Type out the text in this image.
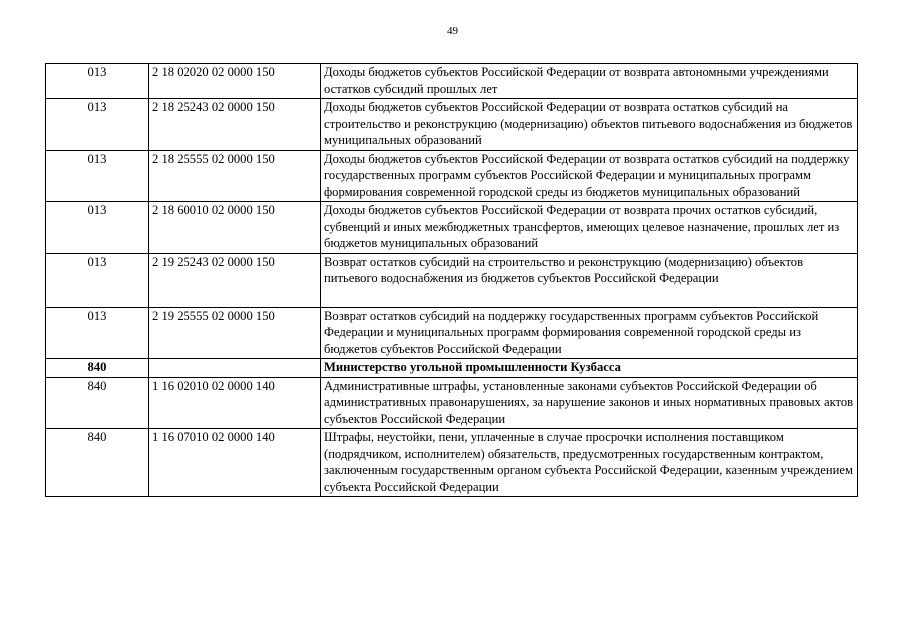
49
013	2 18 02020 02 0000 150	Доходы бюджетов субъектов Российской Федерации от возврата автономными учреждениями остатков субсидий прошлых лет
013	2 18 25243 02 0000 150	Доходы бюджетов субъектов Российской Федерации от возврата остатков субсидий на строительство и реконструкцию (модернизацию) объектов питьевого водоснабжения из бюджетов муниципальных образований
013	2 18 25555 02 0000 150	Доходы бюджетов субъектов Российской Федерации от возврата остатков субсидий на поддержку государственных программ субъектов Российской Федерации и муниципальных программ формирования современной городской среды из бюджетов муниципальных образований
013	2 18 60010 02 0000 150	Доходы бюджетов субъектов Российской Федерации от возврата прочих остатков субсидий, субвенций и иных межбюджетных трансфертов, имеющих целевое назначение, прошлых лет из бюджетов муниципальных образований
013	2 19 25243 02 0000 150	Возврат остатков субсидий на строительство и реконструкцию (модернизацию) объектов питьевого водоснабжения из бюджетов субъектов Российской Федерации
013	2 19 25555 02 0000 150	Возврат остатков субсидий на поддержку государственных программ субъектов Российской Федерации и муниципальных программ формирования современной городской среды из бюджетов субъектов Российской Федерации
840		Министерство угольной промышленности Кузбасса
840	1 16 02010 02 0000 140	Административные штрафы, установленные законами субъектов Российской Федерации об административных правонарушениях, за нарушение законов и иных нормативных правовых актов субъектов Российской Федерации
840	1 16 07010 02 0000 140	Штрафы, неустойки, пени, уплаченные в случае просрочки исполнения поставщиком (подрядчиком, исполнителем) обязательств, предусмотренных государственным контрактом, заключенным государственным органом субъекта Российской Федерации, казенным учреждением субъекта Российской Федерации
